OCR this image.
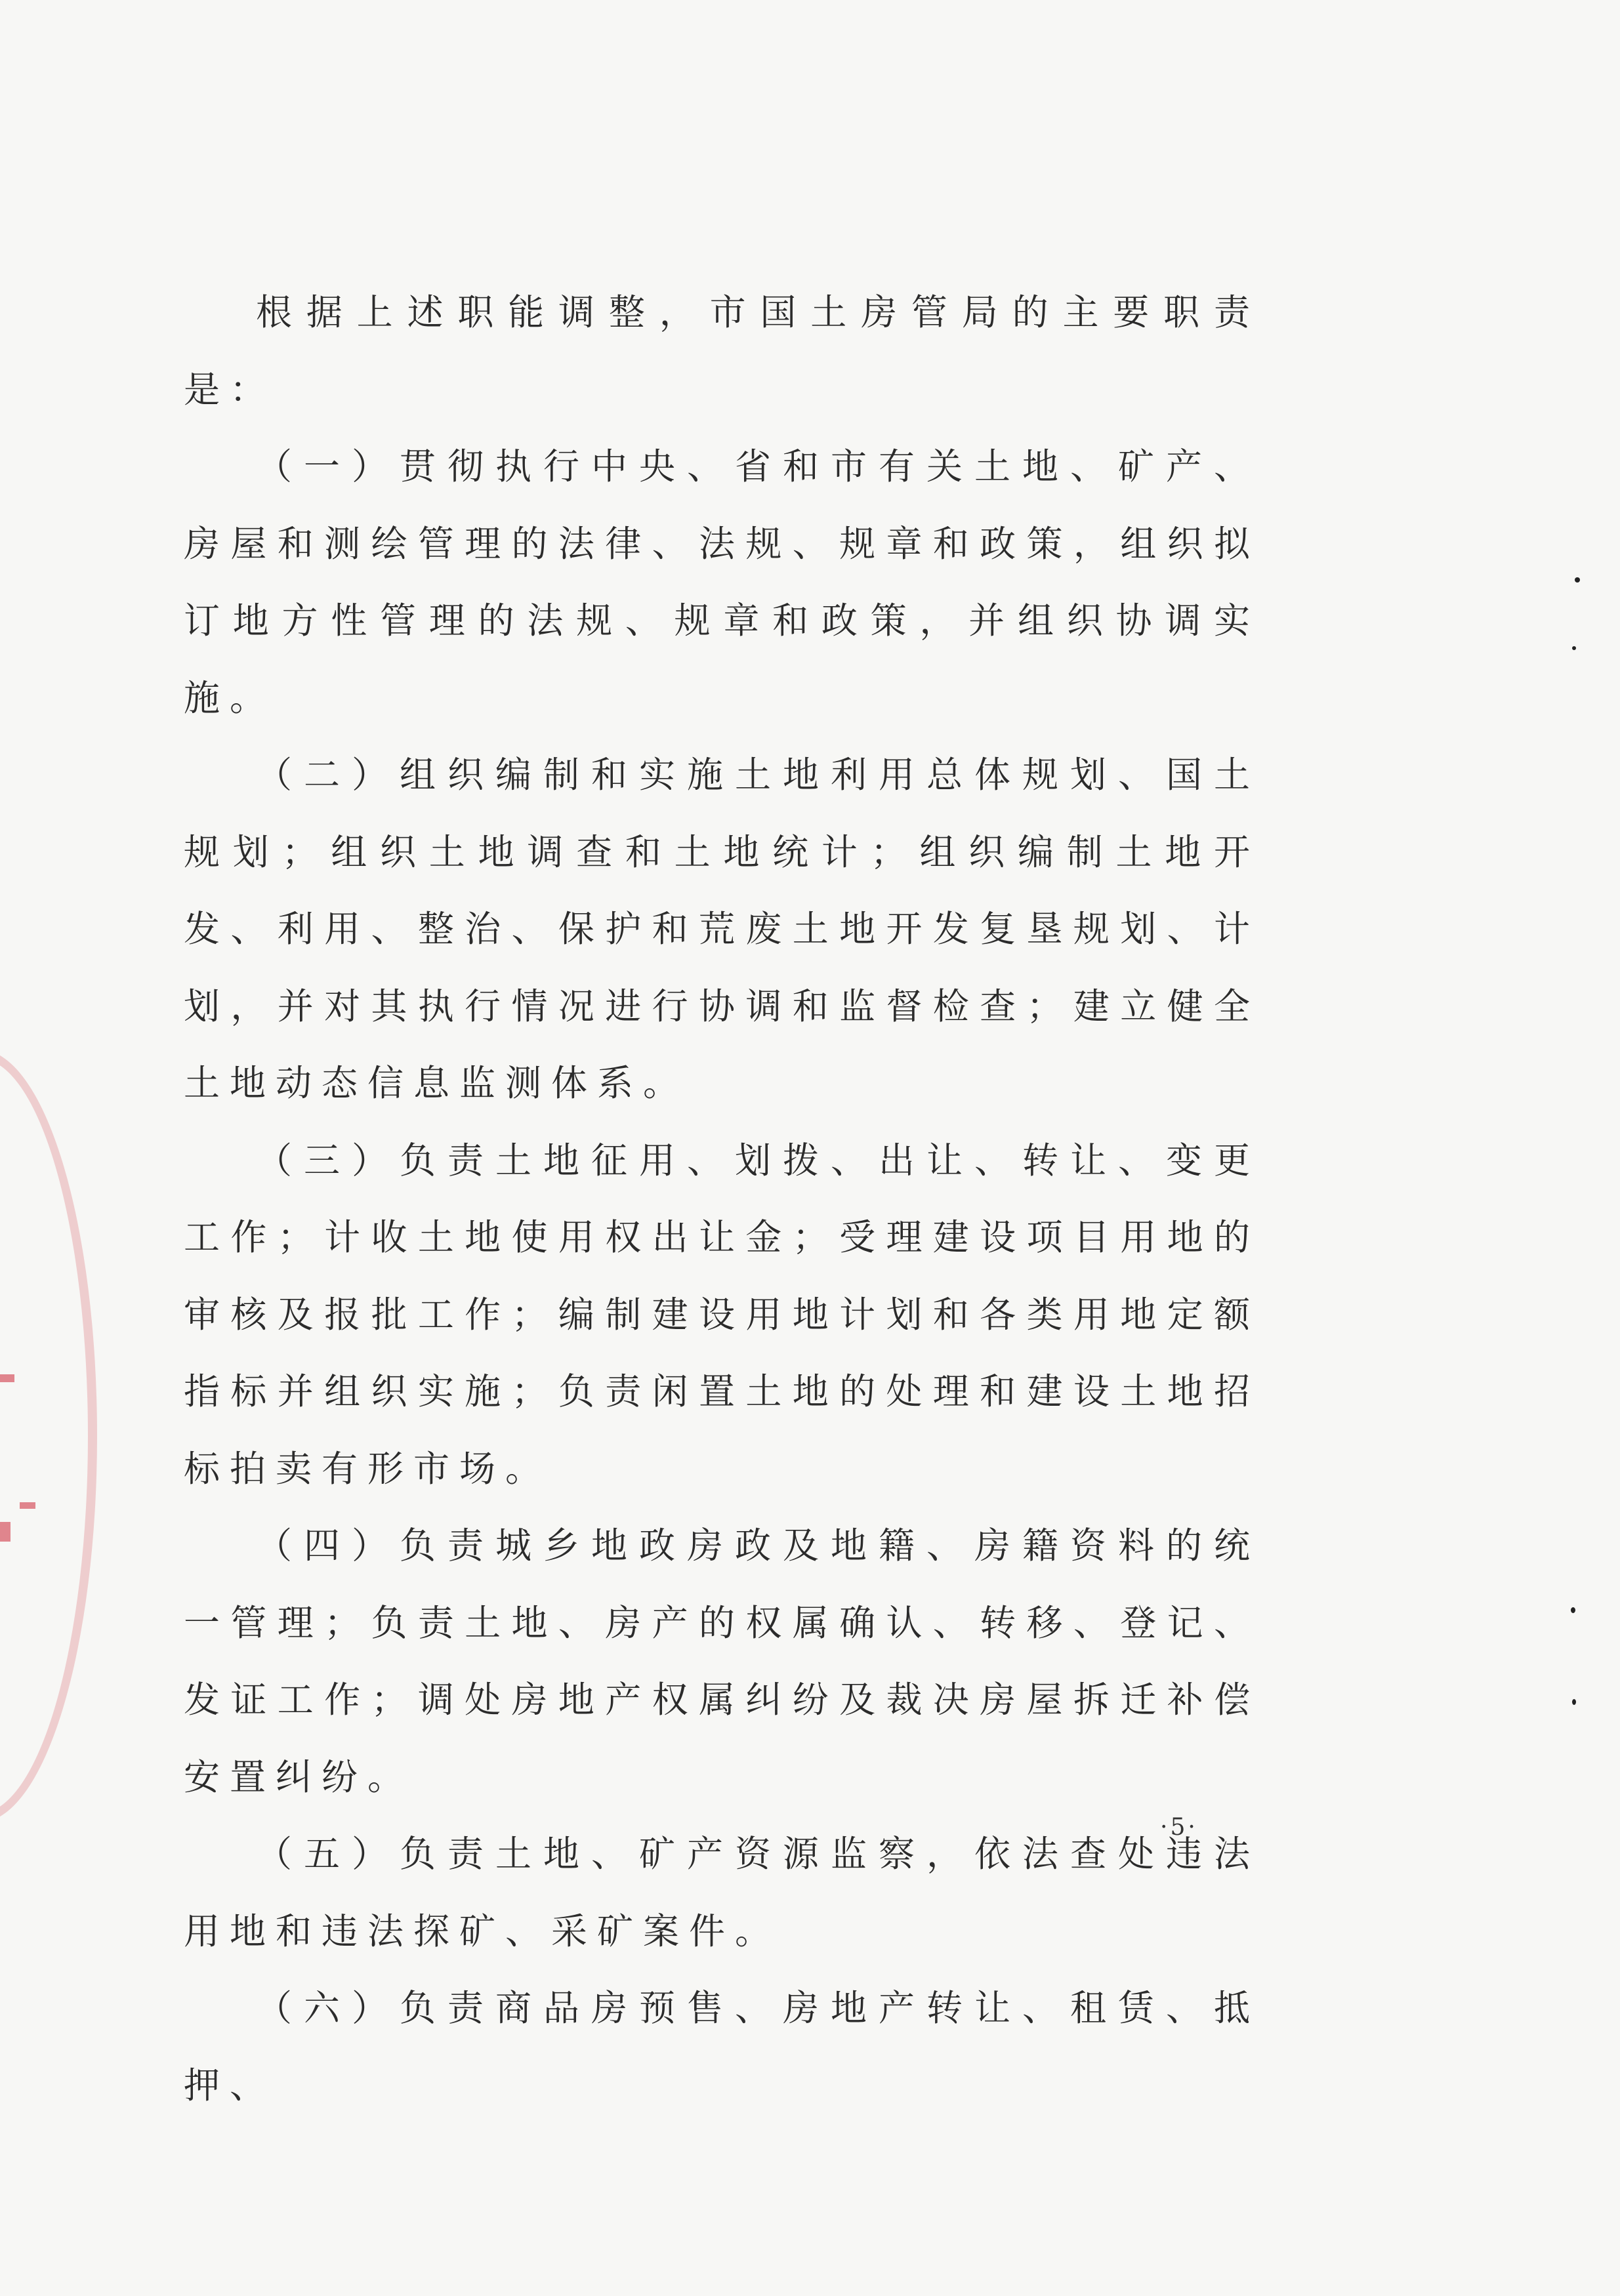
根据上述职能调整，市国土房管局的主要职责是：

（一）贯彻执行中央、省和市有关土地、矿产、房屋和测绘管理的法律、法规、规章和政策，组织拟订地方性管理的法规、规章和政策，并组织协调实施。

（二）组织编制和实施土地利用总体规划、国土规划；组织土地调查和土地统计；组织编制土地开发、利用、整治、保护和荒废土地开发复垦规划、计划，并对其执行情况进行协调和监督检查；建立健全土地动态信息监测体系。

（三）负责土地征用、划拨、出让、转让、变更工作；计收土地使用权出让金；受理建设项目用地的审核及报批工作；编制建设用地计划和各类用地定额指标并组织实施；负责闲置土地的处理和建设土地招标拍卖有形市场。

（四）负责城乡地政房政及地籍、房籍资料的统一管理；负责土地、房产的权属确认、转移、登记、发证工作；调处房地产权属纠纷及裁决房屋拆迁补偿安置纠纷。

（五）负责土地、矿产资源监察，依法查处违法用地和违法探矿、采矿案件。

（六）负责商品房预售、房地产转让、租赁、抵押、

·5·
